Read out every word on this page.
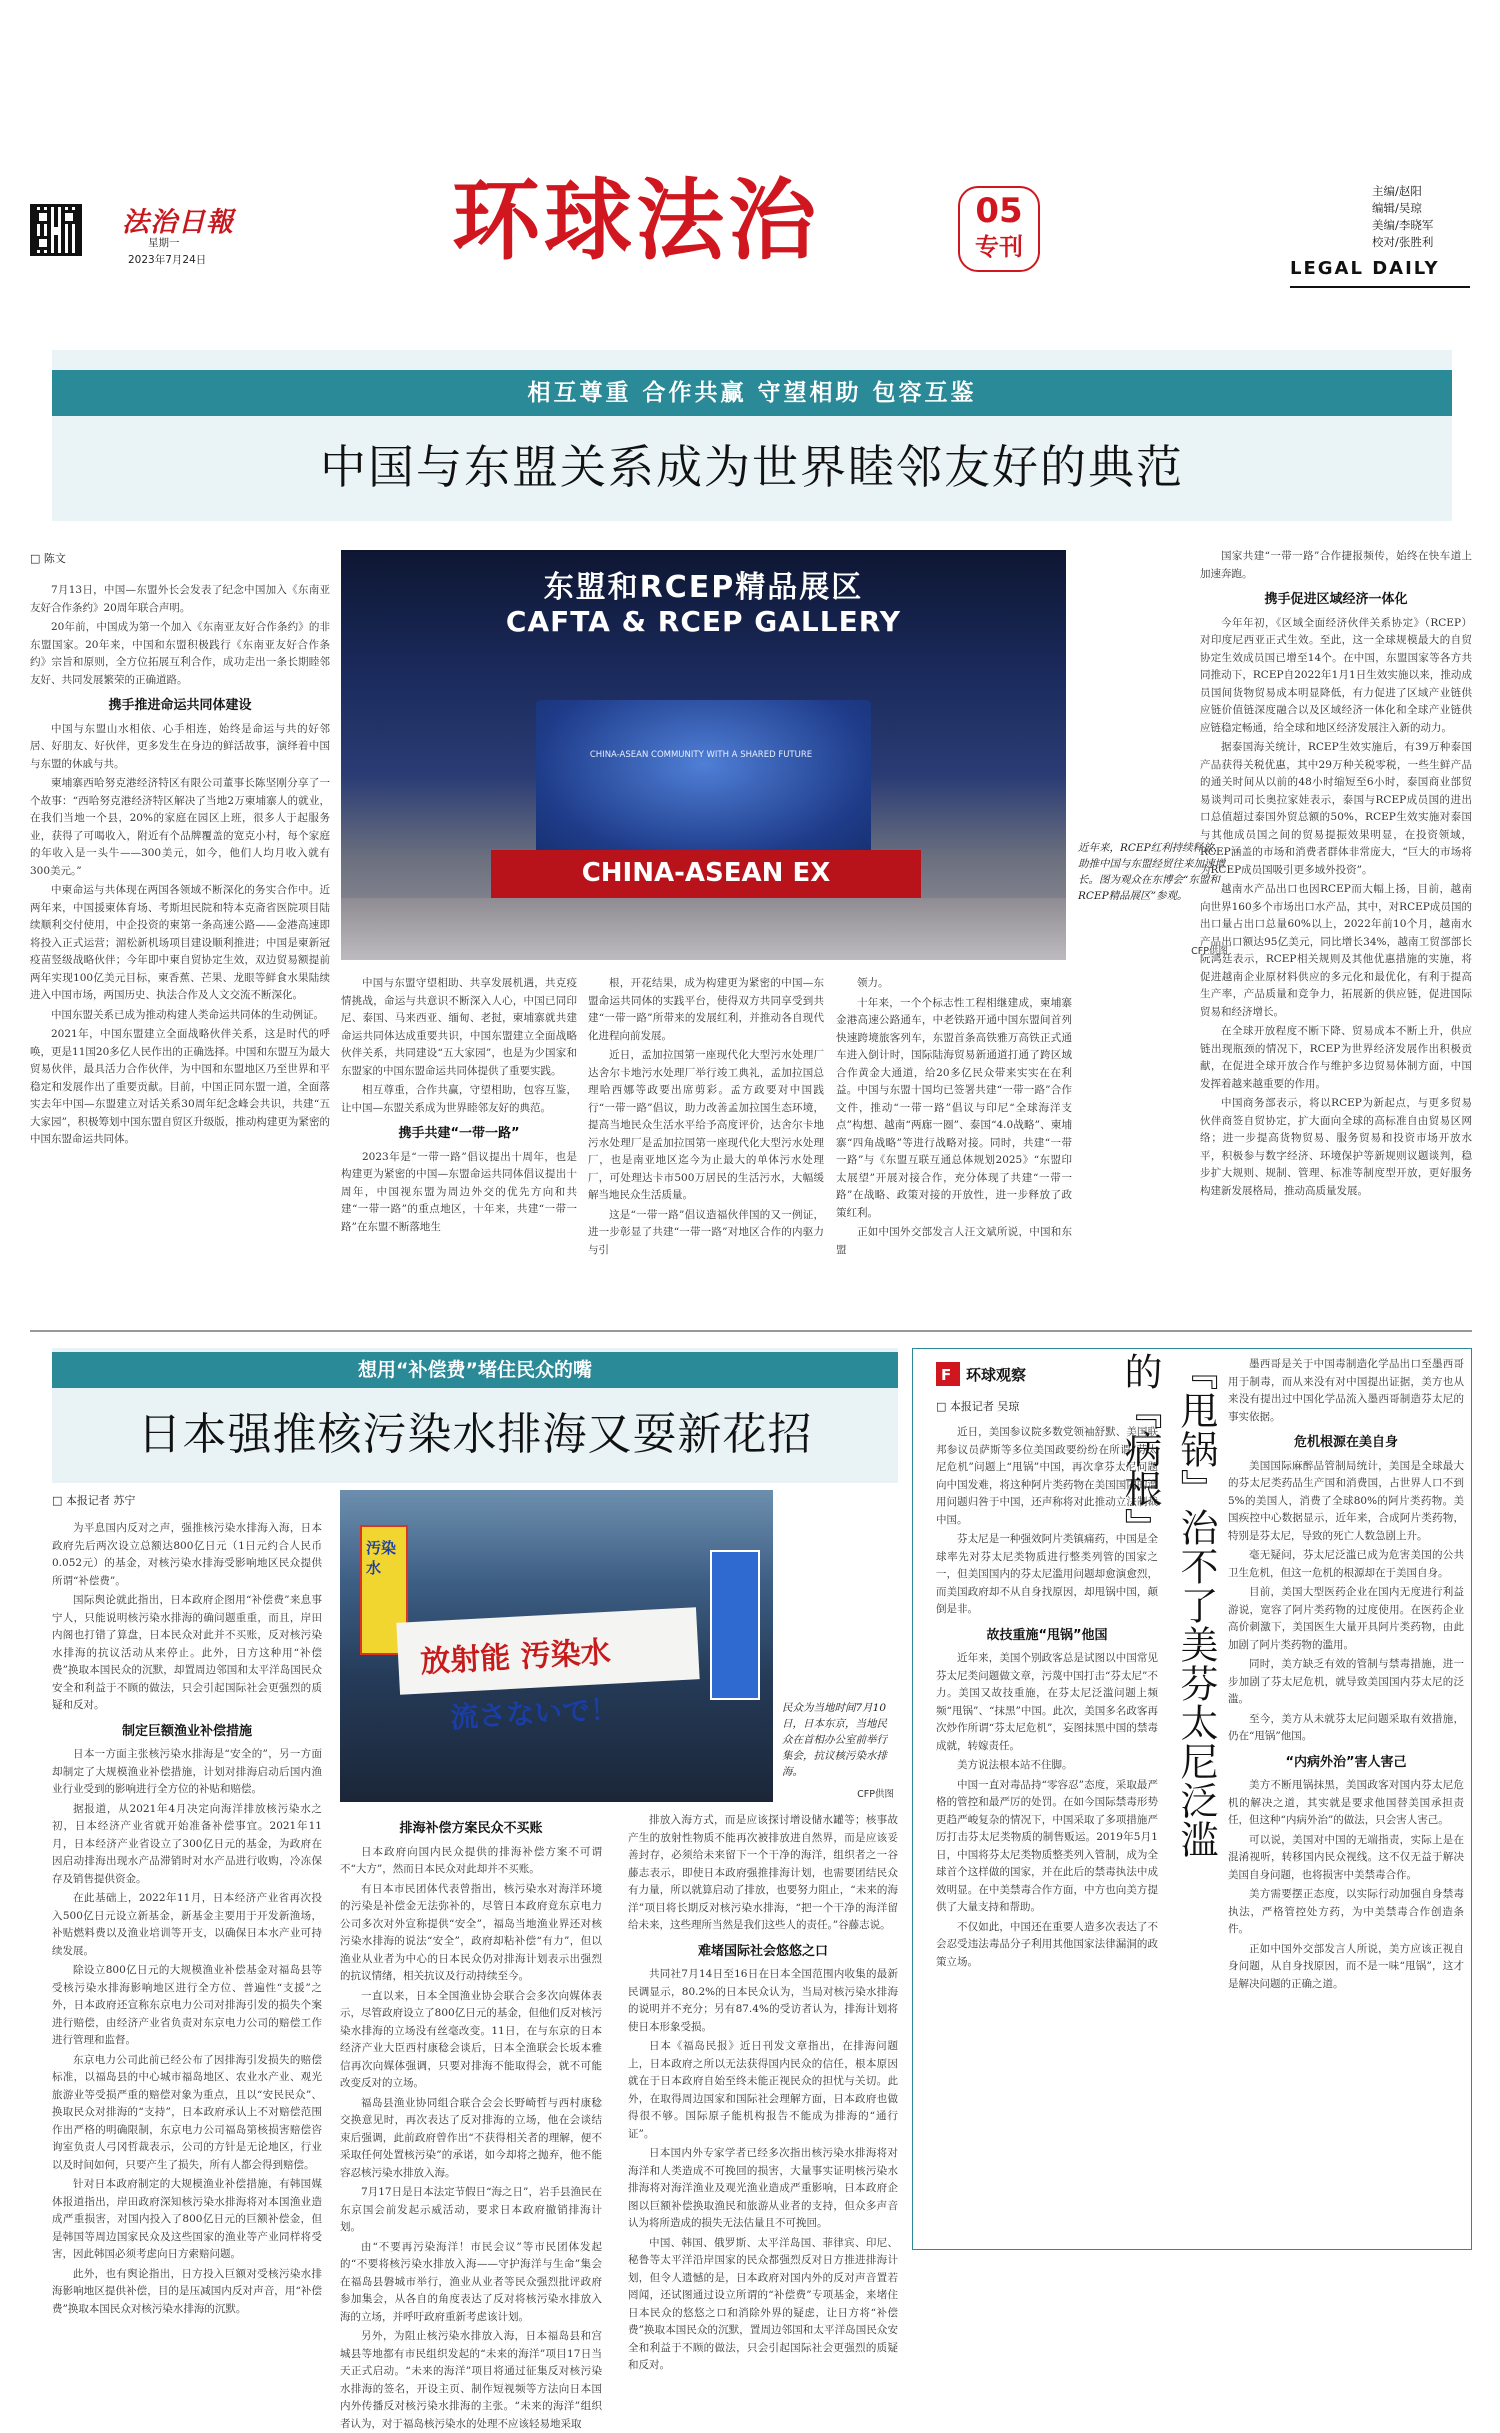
法治日報
星期一
2023年7月24日	环球法治	05
专刊
主编/赵阳
编辑/吴琼
美编/李晓军
校对/张胜利
LEGAL DAILY
相互尊重 合作共赢 守望相助 包容互鉴
中国与东盟关系成为世界睦邻友好的典范
□ 陈文

7月13日，中国—东盟外长会发表了纪念中国加入《东南亚友好合作条约》20周年联合声明。

20年前，中国成为第一个加入《东南亚友好合作条约》的非东盟国家。20年来，中国和东盟积极践行《东南亚友好合作条约》宗旨和原则，全方位拓展互利合作，成功走出一条长期睦邻友好、共同发展繁荣的正确道路。

携手推进命运共同体建设

中国与东盟山水相依、心手相连，始终是命运与共的好邻居、好朋友、好伙伴，更多发生在身边的鲜活故事，演绎着中国与东盟的休戚与共。

柬埔寨西哈努克港经济特区有限公司董事长陈坚刚分享了一个故事：“西哈努克港经济特区解决了当地2万柬埔寨人的就业，在我们当地一个县，20%的家庭在园区上班，很多人于起服务业，获得了可喝收入，附近有个品牌覆盖的宽克小村，每个家庭的年收入是一头牛——300美元，如今，他们人均月收入就有300美元。”

中柬命运与共体现在两国各领域不断深化的务实合作中。近两年来，中国援柬体育场、考斯坦民院和特本克斋省医院项目陆续顺利交付使用，中企投资的柬第一条高速公路——金港高速即将投入正式运营；湄松新机场项目建设顺利推进；中国是柬新冠疫苗竖级战略伙伴；今年即中柬自贸协定生效，双边贸易额提前两年实现100亿美元目标，柬香蕉、芒果、龙眼等鲜食水果陆续进入中国市场，两国历史、执法合作及人文交流不断深化。

中国东盟关系已成为推动构建人类命运共同体的生动例证。

2021年，中国东盟建立全面战略伙伴关系，这是时代的呼唤，更是11国20多亿人民作出的正确选择。中国和东盟互为最大贸易伙伴，最具活力合作伙伴，为中国和东盟地区乃至世界和平稳定和发展作出了重要贡献。目前，中国正同东盟一道，全面落实去年中国—东盟建立对话关系30周年纪念峰会共识，共建“五大家园”，积极筹划中国东盟自贸区升级版，推动构建更为紧密的中国东盟命运共同体。

东盟和RCEP精品展区
CAFTA & RCEP GALLERY
CHINA-ASEAN COMMUNITY WITH A SHARED FUTURE
CHINA-ASEAN EX
近年来，RCEP红利持续释放，助推中国与东盟经贸往来加速增长。图为观众在东博会“东盟和RCEP精品展区”参观。
CFP供图

中国与东盟守望相助、共享发展机遇，共克疫情挑战，命运与共意识不断深入人心，中国已同印尼、泰国、马来西亚、缅甸、老挝，柬埔寨就共建命运共同体达成重要共识，中国东盟建立全面战略伙伴关系，共同建设“五大家园”，也是为少国家和东盟家的中国东盟命运共同体提供了重要实践。

相互尊重，合作共赢，守望相助，包容互鉴，让中国—东盟关系成为世界睦邻友好的典范。

携手共建“一带一路”

2023年是“一带一路”倡议提出十周年，也是构建更为紧密的中国—东盟命运共同体倡议提出十周年，中国视东盟为周边外交的优先方向和共建“一带一路”的重点地区，十年来，共建“一带一路”在东盟不断落地生

根，开花结果，成为构建更为紧密的中国—东盟命运共同体的实践平台，使得双方共同享受到共建“一带一路”所带来的发展红利，并推动各自现代化进程向前发展。

近日，孟加拉国第一座现代化大型污水处理厂达舍尔卡地污水处理厂举行竣工典礼，孟加拉国总理哈西娜等政要出席剪彩。孟方政要对中国践行“一带一路”倡议，助力改善孟加拉国生态环境，提高当地民众生活水平给予高度评价，达舍尔卡地污水处理厂是孟加拉国第一座现代化大型污水处理厂，也是南亚地区迄今为止最大的单体污水处理厂，可处理达卡市500万居民的生活污水，大幅缓解当地民众生活质量。

这是“一带一路”倡议造福伙伴国的又一例证，进一步彰显了共建“一带一路”对地区合作的内驱力与引

领力。

十年来，一个个标志性工程相继建成，柬埔寨金港高速公路通车，中老铁路开通中国东盟间首列快速跨境旅客列车，东盟首条高铁雅万高铁正式通车进入倒计时，国际陆海贸易新通道打通了跨区域合作黄金大通道，给20多亿民众带来实实在在利益。中国与东盟十国均已签署共建“一带一路”合作文件，推动“一带一路”倡议与印尼“全球海洋支点”构想、越南“两廊一圈”、泰国“4.0战略”、柬埔寨“四角战略”等进行战略对接。同时，共建“一带一路”与《东盟互联互通总体规划2025》“东盟印太展望”开展对接合作，充分体现了共建“一带一路”在战略、政策对接的开放性，进一步释放了政策红利。

正如中国外交部发言人汪文斌所说，中国和东盟

国家共建“一带一路”合作捷报频传，始终在快车道上加速奔跑。

携手促进区域经济一体化

今年年初，《区域全面经济伙伴关系协定》（RCEP）对印度尼西亚正式生效。至此，这一全球规模最大的自贸协定生效成员国已增至14个。在中国，东盟国家等各方共同推动下，RCEP自2022年1月1日生效实施以来，推动成员国间货物贸易成本明显降低，有力促进了区域产业链供应链价值链深度融合以及区域经济一体化和全球产业链供应链稳定畅通，给全球和地区经济发展注入新的动力。

据泰国海关统计，RCEP生效实施后，有39万种泰国产品获得关税优惠，其中29万种关税零税，一些生鲜产品的通关时间从以前的48小时缩短至6小时，泰国商业部贸易谈判司司长奥拉家娃表示，泰国与RCEP成员国的进出口总值超过泰国外贸总额的50%，RCEP生效实施对泰国与其他成员国之间的贸易提振效果明显，在投资领域，RCEP涵盖的市场和消费者群体非常庞大，“巨大的市场将为RCEP成员国吸引更多域外投资”。

越南水产品出口也因RCEP而大幅上扬，目前，越南向世界160多个市场出口水产品，其中，对RCEP成员国的出口量占出口总量60%以上，2022年前10个月，越南水产品出口额达95亿美元，同比增长34%，越南工贸部部长阮鸿廷表示，RCEP相关规则及其他优惠措施的实施，将促进越南企业原材料供应的多元化和最优化，有利于提高生产率，产品质量和竞争力，拓展新的供应链，促进国际贸易和经济增长。

在全球开放程度不断下降、贸易成本不断上升，供应链出现瓶颈的情况下，RCEP为世界经济发展作出积极贡献，在促进全球开放合作与维护多边贸易体制方面，中国发挥着越来越重要的作用。

中国商务部表示，将以RCEP为新起点，与更多贸易伙伴商签自贸协定，扩大面向全球的高标准自由贸易区网络；进一步提高货物贸易、服务贸易和投资市场开放水平，积极参与数字经济、环境保护等新规则议题谈判，稳步扩大规则、规制、管理、标准等制度型开放，更好服务构建新发展格局，推动高质量发展。

想用“补偿费”堵住民众的嘴
日本强推核污染水排海又耍新花招
□ 本报记者 苏宁

为平息国内反对之声，强推核污染水排海入海，日本政府先后两次设立总额达800亿日元（1日元约合人民币0.052元）的基金，对核污染水排海受影响地区民众提供所谓“补偿费”。

国际舆论就此指出，日本政府企图用“补偿费”来息事宁人，只能说明核污染水排海的确问题重重，而且，岸田内阁也打错了算盘，日本民众对此并不买账，反对核污染水排海的抗议活动从来停止。此外，日方这种用“补偿费”换取本国民众的沉默，却置周边邻国和太平洋岛国民众安全和利益于不顾的做法，只会引起国际社会更强烈的质疑和反对。

制定巨额渔业补偿措施

日本一方面主张核污染水排海是“安全的”，另一方面却制定了大规模渔业补偿措施，计划对排海启动后国内渔业行业受到的影响进行全方位的补贴和赔偿。

据报道，从2021年4月决定向海洋排放核污染水之初，日本经济产业省就开始准备补偿事宜。2021年11月，日本经济产业省设立了300亿日元的基金，为政府在因启动排海出现水产品滞销时对水产品进行收购，冷冻保存及销售提供资金。

在此基础上，2022年11月，日本经济产业省再次投入500亿日元设立新基金，新基金主要用于开发新渔场，补贴燃料费以及渔业培训等开支，以确保日本水产业可持续发展。

除设立800亿日元的大规模渔业补偿基金对福岛县等受核污染水排海影响地区进行全方位、普遍性“支援”之外，日本政府还宣称东京电力公司对排海引发的损失个案进行赔偿，由经济产业省负责对东京电力公司的赔偿工作进行管理和监督。

东京电力公司此前已经公布了因排海引发损失的赔偿标准，以福岛县的中心城市福岛地区、农业水产业、观光旅游业等受损严重的赔偿对象为重点，且以“安民民众”、换取民众对排海的“支持”，日本政府承认上不对赔偿范围作出严格的明确限制，东京电力公司福岛第核损害赔偿咨询室负责人弓冈哲裁表示，公司的方针是无论地区，行业以及时间如何，只要产生了损失，所有人都会得到赔偿。

针对日本政府制定的大规模渔业补偿措施，有韩国媒体报道指出，岸田政府深知核污染水排海将对本国渔业造成严重损害，对国内投入了800亿日元的巨额补偿金，但是韩国等周边国家民众及这些国家的渔业等产业同样将受害，因此韩国必须考虑向日方索赔问题。

此外，也有舆论指出，日方投入巨额对受核污染水排海影响地区提供补偿，目的是压减国内反对声音，用“补偿费”换取本国民众对核污染水排海的沉默。

汚染水
放射能 汚染水
流さないで！	民众为当地时间7月10日，日本东京，当地民众在首相办公室前举行集会，抗议核污染水排海。
CFP供图
排海补偿方案民众不买账

日本政府向国内民众提供的排海补偿方案不可谓不“大方”，然而日本民众对此却并不买账。

有日本市民团体代表曾指出，核污染水对海洋环境的污染是补偿金无法弥补的，尽管日本政府竟东京电力公司多次对外宣称提供“安全”，福岛当地渔业界还对核污染水排海的说法“安全”，政府却粘补偿“有力”，但以渔业从业者为中心的日本民众仍对排海计划表示出强烈的抗议情绪，相关抗议及行动持续至今。

一直以来，日本全国渔业协会联合会多次向媒体表示，尽管政府设立了800亿日元的基金，但他们反对核污染水排海的立场没有丝毫改变。11日，在与东京的日本经济产业大臣西村康稔会谈后，日本全渔联会长坂本雅信再次向媒体强调，只要对排海不能取得会，就不可能改变反对的立场。

福岛县渔业协同组合联合会会长野崎哲与西村康稔交换意见时，再次表达了反对排海的立场，他在会谈结束后强调，此前政府曾作出“不获得相关者的理解，便不采取任何处置核污染”的承诺，如今却将之抛弃，他不能容忍核污染水排放入海。

7月17日是日本法定节假日“海之日”，岩手县渔民在东京国会前发起示威活动，要求日本政府撤销排海计划。

由“不要再污染海洋！市民会议”等市民团体发起的“不要将核污染水排放入海——守护海洋与生命”集会在福岛县磐城市举行，渔业从业者等民众强烈批评政府参加集会，从各自的角度表达了反对将核污染水排放入海的立场，并呼吁政府重新考虑该计划。

另外，为阻止核污染水排放入海，日本福岛县和宫城县等地都有市民组织发起的“未来的海洋”项目17日当天正式启动。“未来的海洋”项目将通过征集反对核污染水排海的签名，开设主页、制作短视频等方法向日本国内外传播反对核污染水排海的主张。“未来的海洋”组织者认为，对于福岛核污染水的处理不应该轻易地采取

排放入海方式，而是应该探讨增设储水罐等；核事故产生的放射性物质不能再次被排放进自然界，而是应该妥善封存，必须给未来留下一个干净的海洋，组织者之一谷藤志表示，即使日本政府强推排海计划，也需要团结民众有力量，所以就算启动了排放，也要努力阻止，“未来的海洋”项目将长期反对核污染水排海，“把一个干净的海洋留给未来，这些理所当然是我们这些人的责任。”谷藤志说。

难堵国际社会悠悠之口

共同社7月14日至16日在日本全国范围内收集的最新民调显示，80.2%的日本民众认为，当局对核污染水排海的说明并不充分；另有87.4%的受访者认为，排海计划将使日本形象受损。

日本《福岛民报》近日刊发文章指出，在排海问题上，日本政府之所以无法获得国内民众的信任，根本原因就在于日本政府自始至终未能正视民众的担忧与关切。此外，在取得周边国家和国际社会理解方面，日本政府也做得很不够。国际原子能机构报告不能成为排海的“通行证”。

日本国内外专家学者已经多次指出核污染水排海将对海洋和人类造成不可挽回的损害，大量事实证明核污染水排海将对海洋渔业及观光渔业造成严重影响，日本政府企图以巨额补偿换取渔民和旅游从业者的支持，但众多声音认为将所造成的损失无法估量且不可挽回。

中国、韩国、俄罗斯、太平洋岛国、菲律宾、印尼、秘鲁等太平洋沿岸国家的民众都强烈反对日方推进排海计划，但令人遗憾的是，日本政府对国内外的反对声音置若罔闻，还试图通过设立所谓的“补偿费”专项基金，来堵住日本民众的悠悠之口和消除外界的疑虑，让日方将“补偿费”换取本国民众的沉默，置周边邻国和太平洋岛国民众安全和利益于不顾的做法，只会引起国际社会更强烈的质疑和反对。

F 环球观察
□ 本报记者 吴琼

近日，美国参议院多数党领袖舒默、美国联邦参议员萨斯等多位美国政要纷纷在所谓“芬太尼危机”问题上“甩锅”中国，再次拿芬太尼问题向中国发难，将这种阿片类药物在美国国内的滥用问题归咎于中国，还声称将对此推动立法制裁中国。

芬太尼是一种强效阿片类镇痛药，中国是全球率先对芬太尼类物质进行整类列管的国家之一，但美国国内的芬太尼滥用问题却愈演愈烈，而美国政府却不从自身找原因，却甩锅中国，颠倒是非。

故技重施“甩锅”他国

近年来，美国个别政客总是试图以中国常见芬太尼类问题做文章，污蔑中国打击“芬太尼”不力。美国又故技重施，在芬太尼泛滥问题上频频“甩锅”、“抹黑”中国。此次，美国多名政客再次炒作所谓“芬太尼危机”，妄图抹黑中国的禁毒成就，转嫁责任。

美方说法根本站不住脚。

中国一直对毒品持“零容忍”态度，采取最严格的管控和最严厉的处罚。在如今国际禁毒形势更趋严峻复杂的情况下，中国采取了多项措施严厉打击芬太尼类物质的制售贩运。2019年5月1日，中国将芬太尼类物质整类列入管制，成为全球首个这样做的国家，并在此后的禁毒执法中成效明显。在中美禁毒合作方面，中方也向美方提供了大量支持和帮助。

不仅如此，中国还在重要人造多次表达了不会忍受违法毒品分子利用其他国家法律漏洞的政策立场。

『甩锅』治不了美芬太尼泛滥的『病根』	墨西哥是关于中国毒制造化学品出口至墨西哥用于制毒，而从来没有对中国提出证据，美方也从来没有提出过中国化学品流入墨西哥制造芬太尼的事实依据。

危机根源在美自身

美国国际麻醉品管制局统计，美国是全球最大的芬太尼类药品生产国和消费国，占世界人口不到5%的美国人，消费了全球80%的阿片类药物。美国疾控中心数据显示，近年来，合成阿片类药物，特别是芬太尼，导致的死亡人数急剧上升。

毫无疑问，芬太尼泛滥已成为危害美国的公共卫生危机，但这一危机的根源却在于美国自身。

目前，美国大型医药企业在国内无度进行利益游说，宽容了阿片类药物的过度使用。在医药企业高价刺激下，美国医生大量开具阿片类药物，由此加剧了阿片类药物的滥用。

同时，美方缺乏有效的管制与禁毒措施，进一步加剧了芬太尼危机，就导致美国国内芬太尼的泛滥。

至今，美方从未就芬太尼问题采取有效措施，仍在“甩锅”他国。

“内病外治”害人害己

美方不断甩锅抹黑，美国政客对国内芬太尼危机的解决之道，其实就是要求他国替美国承担责任，但这种“内病外治”的做法，只会害人害己。

可以说，美国对中国的无端指责，实际上是在混淆视听，转移国内民众视线。这不仅无益于解决美国自身问题，也将损害中美禁毒合作。

美方需要摆正态度，以实际行动加强自身禁毒执法，严格管控处方药，为中美禁毒合作创造条件。

正如中国外交部发言人所说，美方应该正视自身问题，从自身找原因，而不是一味“甩锅”，这才是解决问题的正确之道。
